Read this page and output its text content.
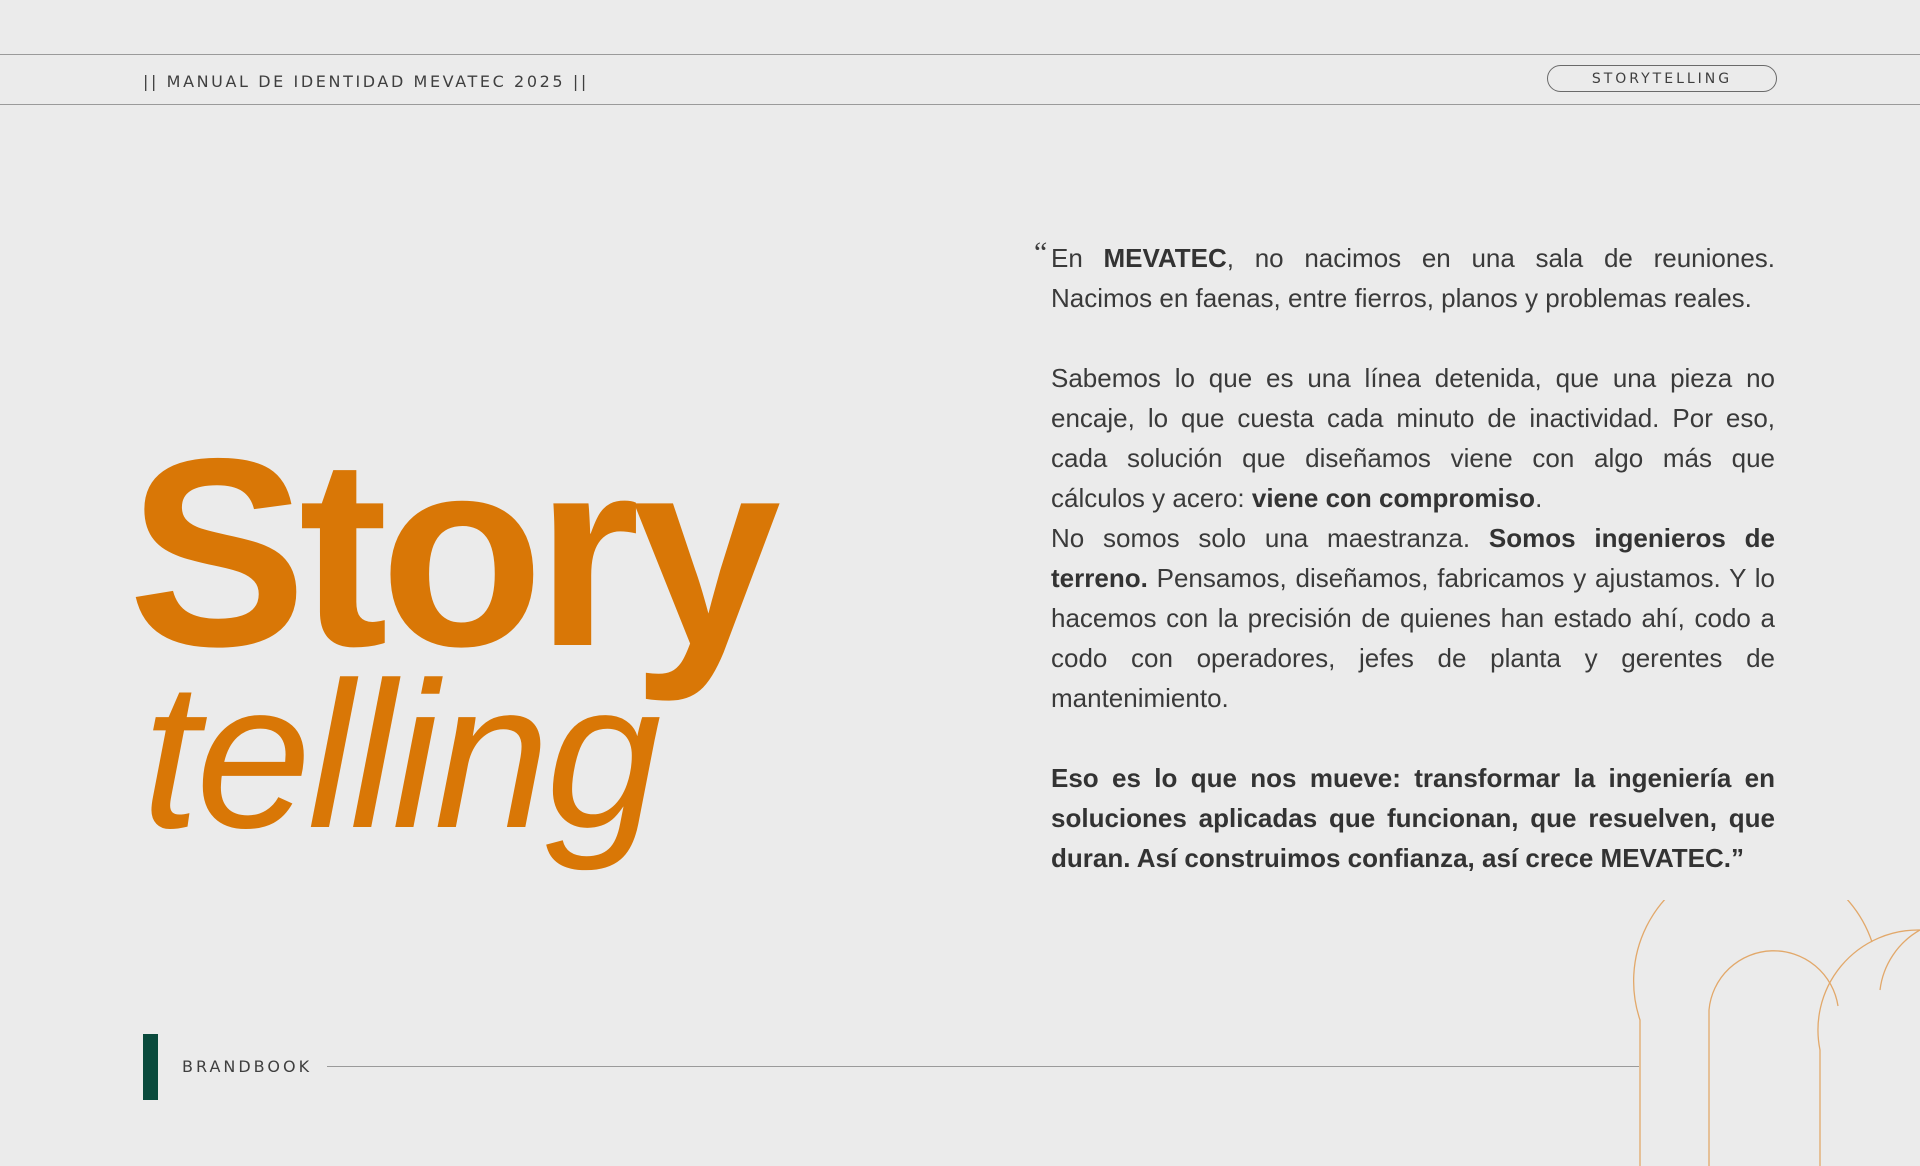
|| MANUAL DE IDENTIDAD MEVATEC 2025 ||	STORYTELLING
Story
telling
“ En MEVATEC, no nacimos en una sala de reuniones. Nacimos en faenas, entre fierros, planos y problemas reales.

Sabemos lo que es una línea detenida, que una pieza no encaje, lo que cuesta cada minuto de inactividad. Por eso, cada solución que diseñamos viene con algo más que cálculos y acero: viene con compromiso.

No somos solo una maestranza. Somos ingenieros de terreno. Pensamos, diseñamos, fabricamos y ajustamos. Y lo hacemos con la precisión de quienes han estado ahí, codo a codo con operadores, jefes de planta y gerentes de mantenimiento.

Eso es lo que nos mueve: transformar la ingeniería en soluciones aplicadas que funcionan, que resuelven, que duran. Así construimos confianza, así crece MEVATEC.”

BRANDBOOK
